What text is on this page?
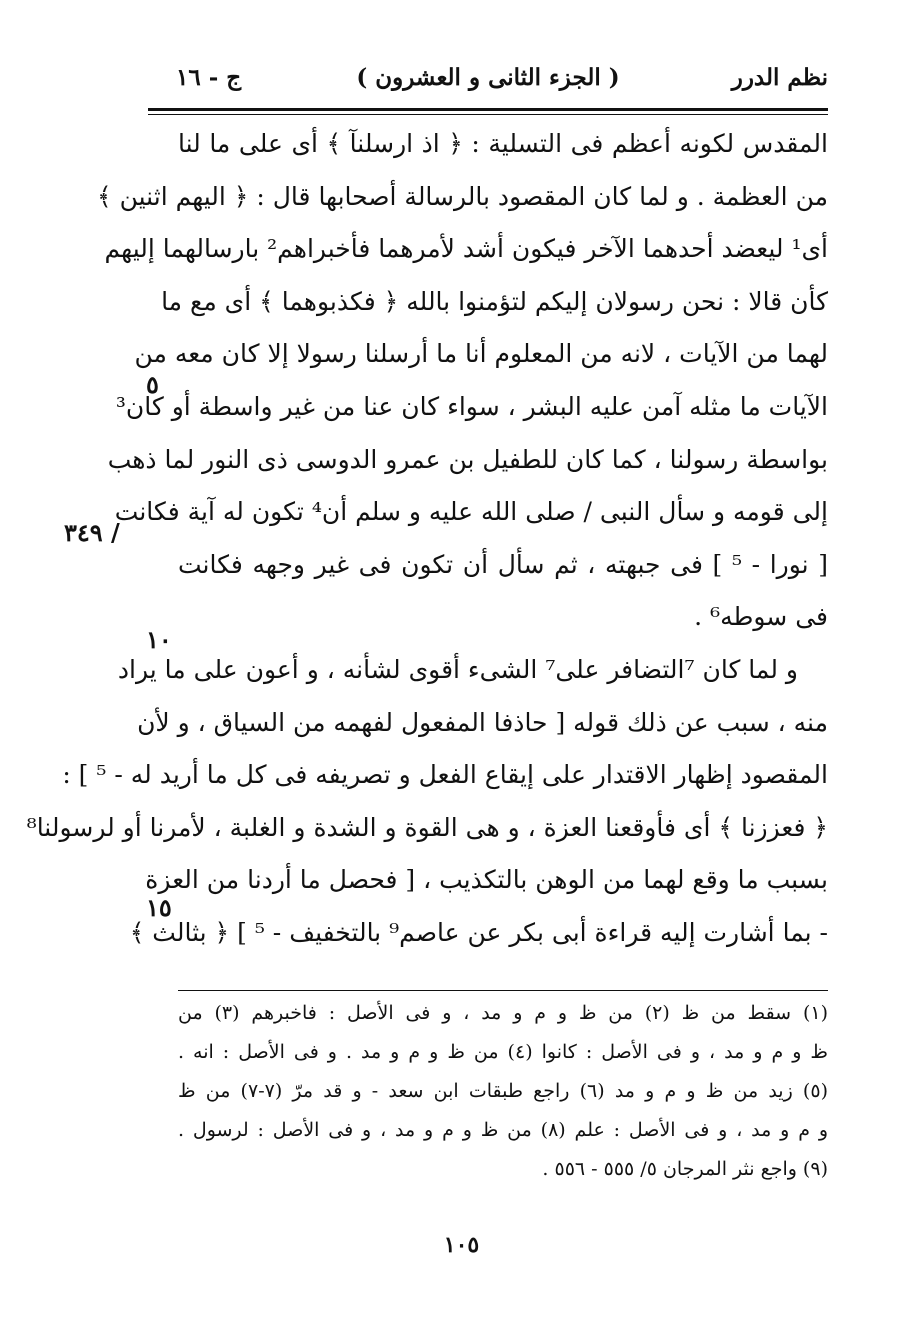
نظم الدرر
( الجزء الثانى و العشرون )
ج - ١٦
المقدس لكونه أعظم فى التسلية : ﴿ اذ ارسلنآ ﴾ أى على ما لنا
من العظمة . و لما كان المقصود بالرسالة أصحابها قال : ﴿ اليهم اثنين ﴾
أى¹ ليعضد أحدهما الآخر فيكون أشد لأمرهما فأخبراهم² بارسالهما إليهم
كأن قالا : نحن رسولان إليكم لتؤمنوا بالله ﴿ فكذبوهما ﴾ أى مع ما
لهما من الآيات ، لانه من المعلوم أنا ما أرسلنا رسولا إلا كان معه من
الآيات ما مثله آمن عليه البشر ، سواء كان عنا من غير واسطة أو كان³
بواسطة رسولنا ، كما كان للطفيل بن عمرو الدوسى ذى النور لما ذهب
إلى قومه و سأل النبى / صلى الله عليه و سلم أن⁴ تكون له آية فكانت
[ نورا - ⁵ ] فى جبهته ، ثم سأل أن تكون فى غير وجهه فكانت
فى سوطه⁶ .
و لما كان ⁷التضافر على⁷ الشىء أقوى لشأنه ، و أعون على ما يراد
منه ، سبب عن ذلك قوله [ حاذفا المفعول لفهمه من السياق ، و لأن
المقصود إظهار الاقتدار على إيقاع الفعل و تصريفه فى كل ما أريد له - ⁵ ] :
﴿ فعززنا ﴾ أى فأوقعنا العزة ، و هى القوة و الشدة و الغلبة ، لأمرنا أو لرسولنا⁸
بسبب ما وقع لهما من الوهن بالتكذيب ، [ فحصل ما أردنا من العزة
- بما أشارت إليه قراءة أبى بكر عن عاصم⁹ بالتخفيف - ⁵ ] ﴿ بثالث ﴾
٥
/ ٣٤٩
١٠
١٥
(١) سقط من ظ (٢) من ظ و م و مد ، و فى الأصل : فاخبرهم (٣) من
ظ و م و مد ، و فى الأصل : كانوا (٤) من ظ و م و مد . و فى الأصل : انه .
(٥) زيد من ظ و م و مد (٦) راجع طبقات ابن سعد - و قد مرّ (٧-٧) من ظ
و م و مد ، و فى الأصل : علم (٨) من ظ و م و مد ، و فى الأصل : لرسول .
(٩) واجع نثر المرجان ٥/ ٥٥٥ - ٥٥٦ .
١٠٥
